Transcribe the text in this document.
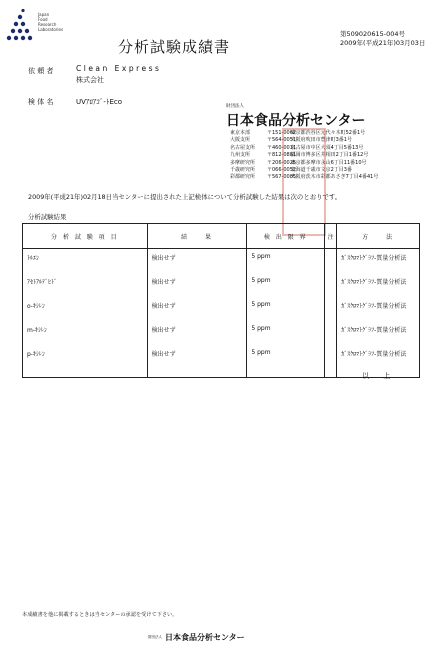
Japan
Food
Research
Laboratories
分析試験成績書
第509020615-004号
2009年(平成21年)03月03日
依 頼 者	Clean Express
株式会社
検 体 名	UVｱﾛｱｺﾞ-ﾄEco
財団法人
日本食品分析センター
東京本部	〒151-0062 東京都渋谷区元代々木町52番1号
大阪支所	〒564-0051 大阪府吹田市豊津町3番1号
名古屋支所 〒460-0011 名古屋市中区大須4丁目5番13号
九州支所	〒812-0881 福岡市博多区井相田2丁目1番12号
多摩研究所 〒206-0025 東京都多摩市永山6丁目11番10号
千歳研究所 〒066-0052 北海道千歳市文京2丁目3番
彩都研究所 〒567-0085 大阪府茨木市彩都あさぎ7丁目4番41号
2009年(平成21年)02月18日当センターに提出された上記検体について分析試験した結果は次のとおりです。
分析試験結果
分 析 試 験 項 目	結　　果	検 出 限 界	注	方　　法
ﾄﾙｴﾝ	検出せず	5 ppm		ｶﾞｽｸﾛﾏﾄｸﾞﾗﾌ-質量分析法
ｱｾﾄｱﾙﾃﾞﾋﾄﾞ	検出せず	5 ppm		ｶﾞｽｸﾛﾏﾄｸﾞﾗﾌ-質量分析法
o-ｷｼﾚﾝ	検出せず	5 ppm		ｶﾞｽｸﾛﾏﾄｸﾞﾗﾌ-質量分析法
m-ｷｼﾚﾝ	検出せず	5 ppm		ｶﾞｽｸﾛﾏﾄｸﾞﾗﾌ-質量分析法
p-ｷｼﾚﾝ	検出せず	5 ppm		ｶﾞｽｸﾛﾏﾄｸﾞﾗﾌ-質量分析法
以 上
本成績書を他に掲載するときは当センターの承認を受けて下さい。
財団法人 日本食品分析センター
